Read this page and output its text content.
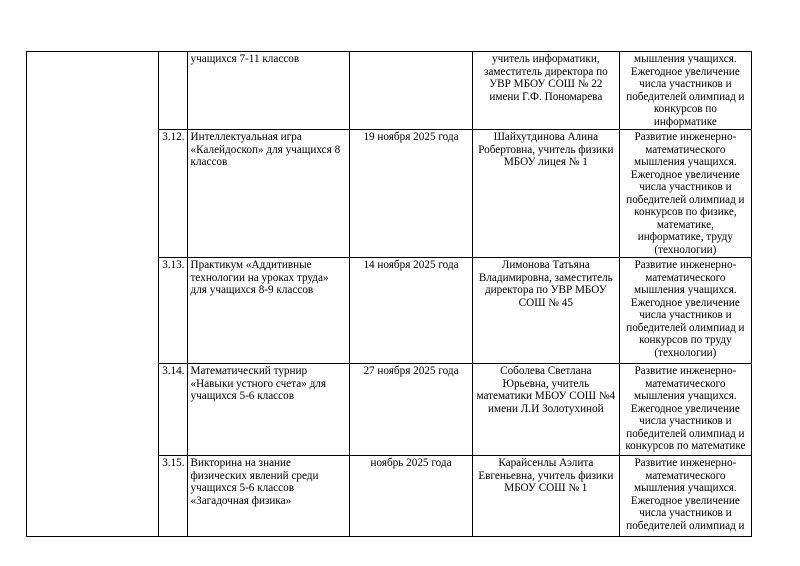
		учащихся 7-11 классов		учитель информатики, заместитель директора по УВР МБОУ СОШ № 22 имени Г.Ф. Пономарева	мышления учащихся. Ежегодное увеличение числа участников и победителей олимпиад и конкурсов по информатике
	3.12.	Интеллектуальная игра «Калейдоскоп» для учащихся 8 классов	19 ноября 2025 года	Шайхутдинова Алина Робертовна, учитель физики МБОУ лицея № 1	Развитие инженерно-математического мышления учащихся. Ежегодное увеличение числа участников и победителей олимпиад и конкурсов по физике, математике, информатике, труду (технологии)
	3.13.	Практикум «Аддитивные технологии на уроках труда» для учащихся 8-9 классов	14 ноября 2025 года	Лимонова Татьяна Владимировна, заместитель директора по УВР МБОУ СОШ № 45	Развитие инженерно-математического мышления учащихся. Ежегодное увеличение числа участников и победителей олимпиад и конкурсов по труду (технологии)
	3.14.	Математический турнир «Навыки устного счета» для учащихся 5-6 классов	27 ноября 2025 года	Соболева Светлана Юрьевна, учитель математики МБОУ СОШ №4 имени Л.И Золотухиной	Развитие инженерно-математического мышления учащихся. Ежегодное увеличение числа участников и победителей олимпиад и конкурсов по математике
	3.15.	Викторина на знание физических явлений среди учащихся 5-6 классов «Загадочная физика»	ноябрь 2025 года	Карайсенлы Аэлита Евгеньевна, учитель физики МБОУ СОШ № 1	Развитие инженерно-математического мышления учащихся. Ежегодное увеличение числа участников и победителей олимпиад и
